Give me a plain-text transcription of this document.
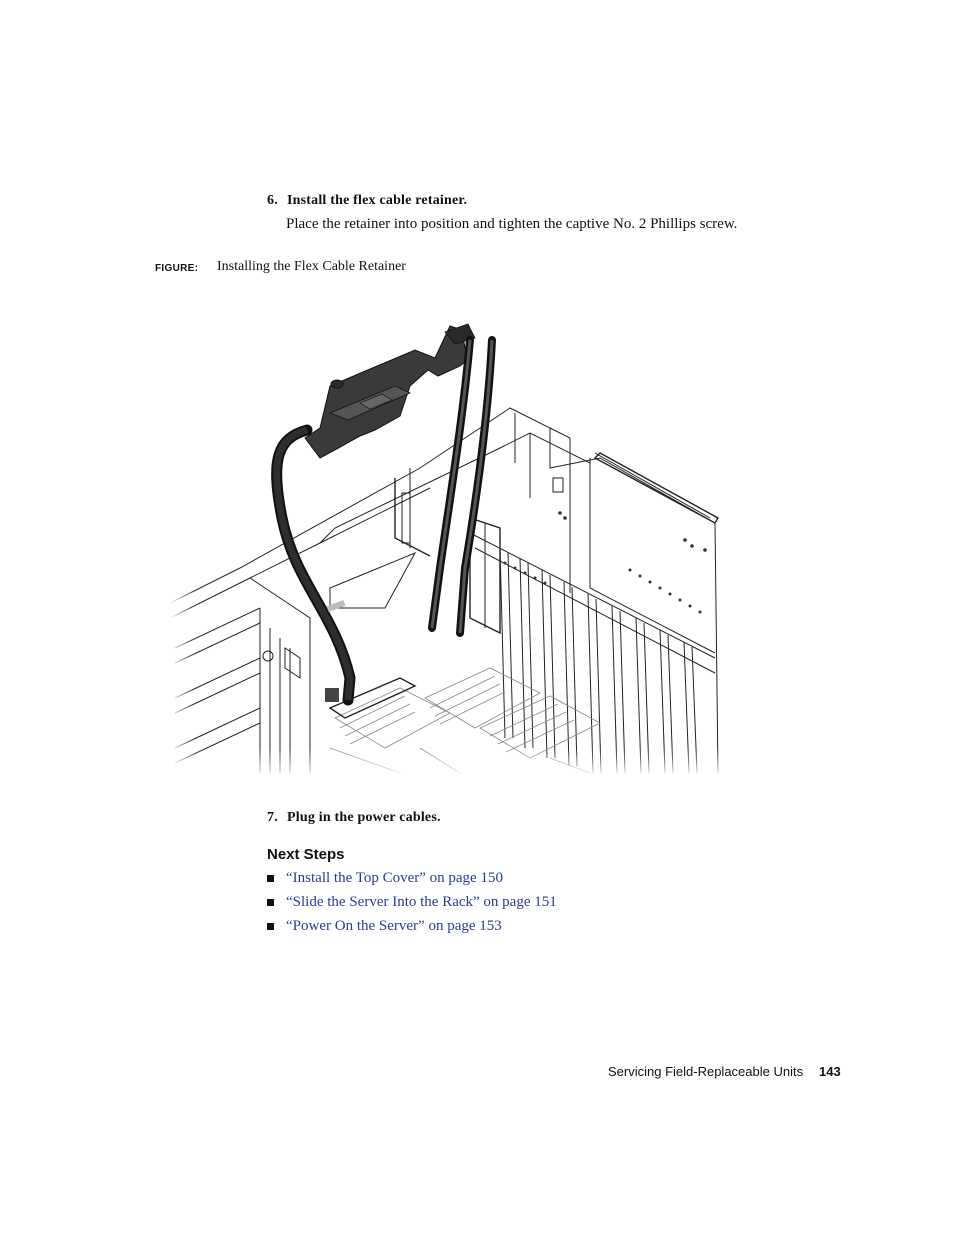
6. Install the flex cable retainer.
Place the retainer into position and tighten the captive No. 2 Phillips screw.
FIGURE: Installing the Flex Cable Retainer
7. Plug in the power cables.
Next Steps
“Install the Top Cover” on page 150
“Slide the Server Into the Rack” on page 151
“Power On the Server” on page 153
Servicing Field-Replaceable Units 143
